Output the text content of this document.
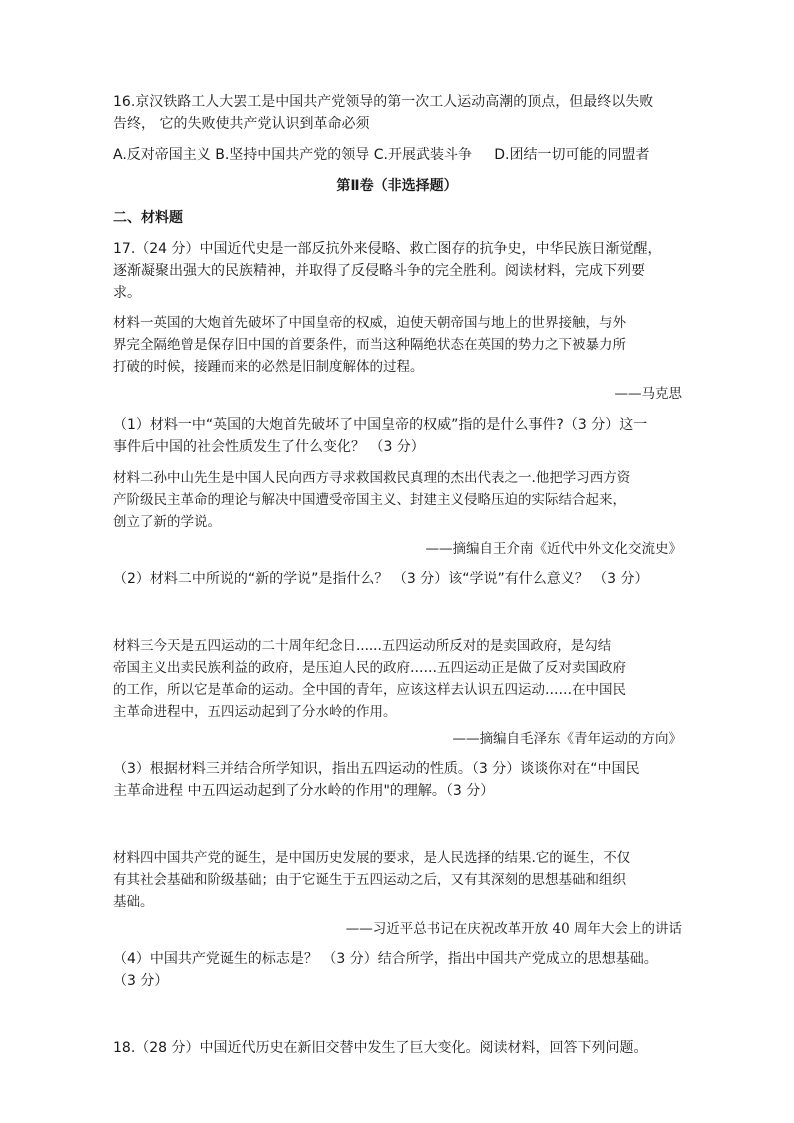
16.京汉铁路工人大罢工是中国共产党领导的第一次工人运动高潮的顶点，但最终以失败
告终， 它的失败使共产党认识到革命必须
A.反对帝国主义 B.坚持中国共产党的领导 C.开展武装斗争     D.团结一切可能的同盟者
第Ⅱ卷（非选择题）
二、材料题
17.（24 分）中国近代史是一部反抗外来侵略、救亡图存的抗争史，中华民族日渐觉醒，
逐渐凝聚出强大的民族精神，并取得了反侵略斗争的完全胜利。阅读材料，完成下列要
求。
材料一英国的大炮首先破坏了中国皇帝的权威，迫使天朝帝国与地上的世界接触，与外
界完全隔绝曾是保存旧中国的首要条件，而当这种隔绝状态在英国的势力之下被暴力所
打破的时候，接踵而来的必然是旧制度解体的过程。
——马克思
（1）材料一中“英国的大炮首先破坏了中国皇帝的权威”指的是什么事件?（3 分）这一
事件后中国的社会性质发生了什么变化？ （3 分）
材料二孙中山先生是中国人民向西方寻求救国救民真理的杰出代表之一.他把学习西方资
产阶级民主革命的理论与解决中国遭受帝国主义、封建主义侵略压迫的实际结合起来，
创立了新的学说。
——摘编自王介南《近代中外文化交流史》
（2）材料二中所说的“新的学说”是指什么？ （3 分）该“学说”有什么意义？ （3 分）
材料三今天是五四运动的二十周年纪念日......五四运动所反对的是卖国政府，是勾结
帝国主义出卖民族利益的政府，是压迫人民的政府……五四运动正是做了反对卖国政府
的工作，所以它是革命的运动。全中国的青年，应该这样去认识五四运动……在中国民
主革命进程中，五四运动起到了分水岭的作用。
——摘编自毛泽东《青年运动的方向》
（3）根据材料三并结合所学知识，指出五四运动的性质。（3 分）谈谈你对在“中国民
主革命进程 中五四运动起到了分水岭的作用"的理解。（3 分）
材料四中国共产党的诞生，是中国历史发展的要求，是人民选择的结果.它的诞生，不仅
有其社会基础和阶级基础；由于它诞生于五四运动之后，又有其深刻的思想基础和组织
基础。
——习近平总书记在庆祝改革开放 40 周年大会上的讲话
（4）中国共产党诞生的标志是？ （3 分）结合所学，指出中国共产党成立的思想基础。
（3 分）
18.（28 分）中国近代历史在新旧交替中发生了巨大变化。阅读材料，回答下列问题。
